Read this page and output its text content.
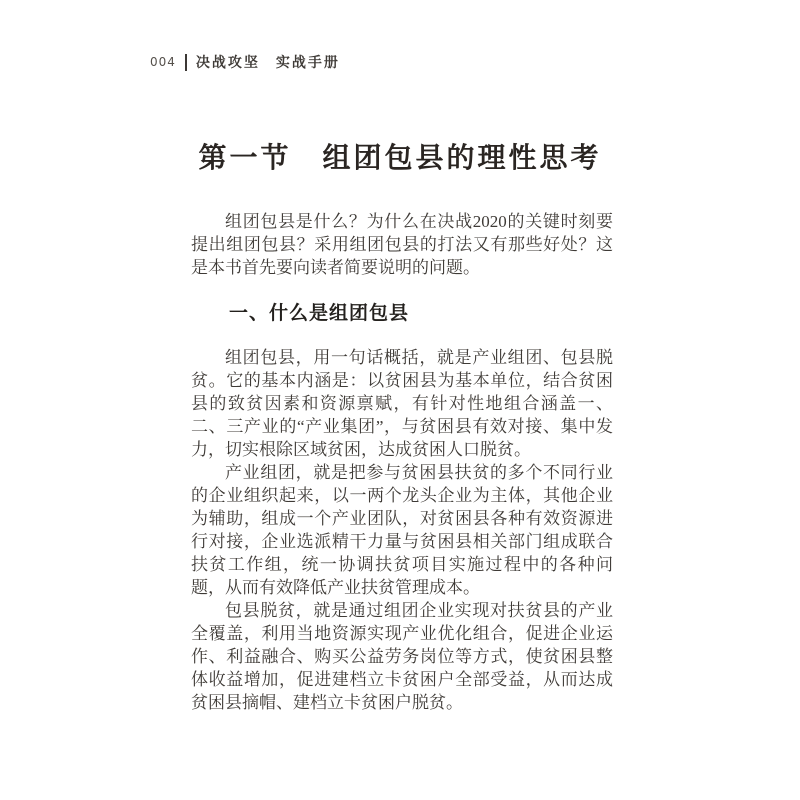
004 决战攻坚　实战手册
第一节　组团包县的理性思考

组团包县是什么？为什么在决战2020的关键时刻要提出组团包县？采用组团包县的打法又有那些好处？这是本书首先要向读者简要说明的问题。

一、什么是组团包县

组团包县，用一句话概括，就是产业组团、包县脱贫。它的基本内涵是：以贫困县为基本单位，结合贫困县的致贫因素和资源禀赋，有针对性地组合涵盖一、二、三产业的“产业集团”，与贫困县有效对接、集中发力，切实根除区域贫困，达成贫困人口脱贫。

产业组团，就是把参与贫困县扶贫的多个不同行业的企业组织起来，以一两个龙头企业为主体，其他企业为辅助，组成一个产业团队，对贫困县各种有效资源进行对接，企业选派精干力量与贫困县相关部门组成联合扶贫工作组，统一协调扶贫项目实施过程中的各种问题，从而有效降低产业扶贫管理成本。

包县脱贫，就是通过组团企业实现对扶贫县的产业全覆盖，利用当地资源实现产业优化组合，促进企业运作、利益融合、购买公益劳务岗位等方式，使贫困县整体收益增加，促进建档立卡贫困户全部受益，从而达成贫困县摘帽、建档立卡贫困户脱贫。
